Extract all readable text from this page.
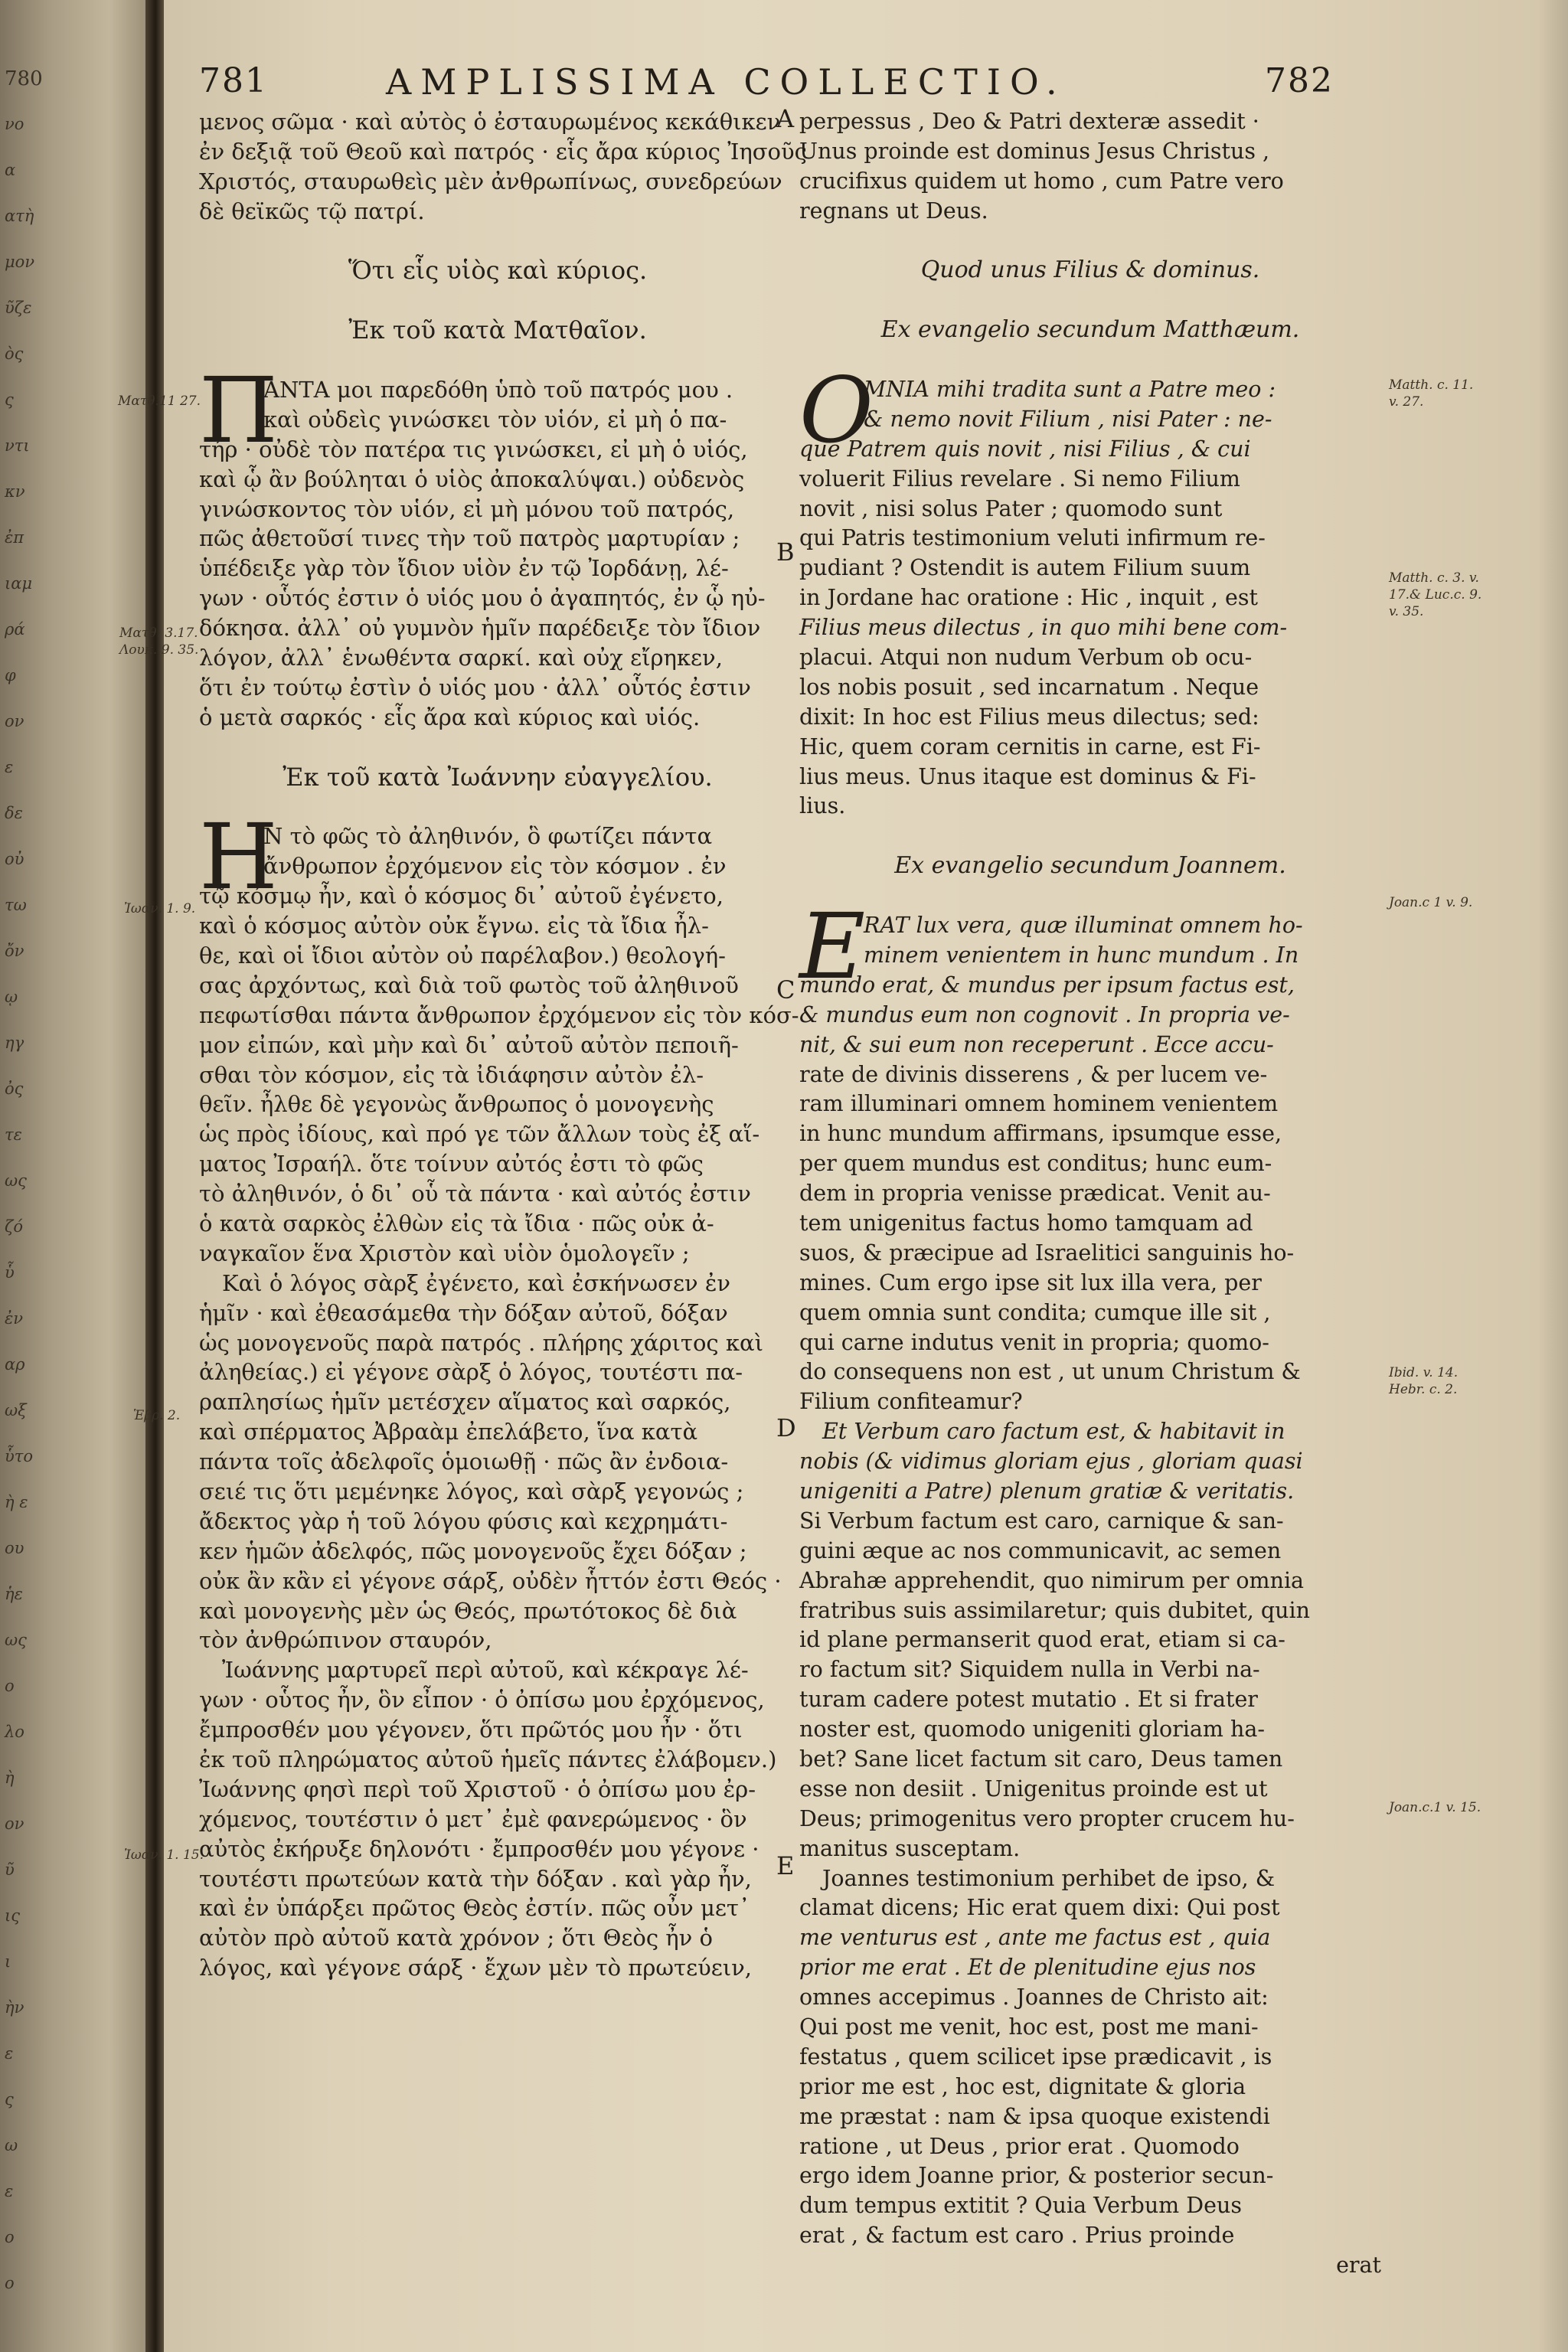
780
νο
α
ατὴ
μον
ῦζε
ὸς
ς
ντι
κν
ἐπ
ιαμ
ρά
φ
ον
ε
δε
οὐ
τω
ὄν
ῳ
ηγ
ὀς
τε
ως
ζό
ὗ
ἐν
αρ
ωξ
ὗτο
ὴ ε
ου
ἡε
ως
ο
λο
ὴ
ον
ῦ
ις
ι
ὴν
ε
ς
ω
ε
ο
ο
781	AMPLISSIMA COLLECTIO.	782
μενος σῶμα · καὶ αὐτὸς ὁ ἐσταυρωμένος κεκάθικεν
ἐν δεξιᾷ τοῦ Θεοῦ καὶ πατρός · εἷς ἄρα κύριος Ἰησοῦς
Χριστός, σταυρωθεὶς μὲν ἀνθρωπίνως, συνεδρεύων
δὲ θεϊκῶς τῷ πατρί.
Ὅτι εἷς υἱὸς καὶ κύριος.
Ἐκ τοῦ κατὰ Ματθαῖον.
Π
ΑΝΤΑ μοι παρεδόθη ὑπὸ τοῦ πατρός μου .
καὶ οὐδεὶς γινώσκει τὸν υἱόν, εἰ μὴ ὁ πα-
τήρ · οὐδὲ τὸν πατέρα τις γινώσκει, εἰ μὴ ὁ υἱός,
καὶ ᾧ ἂν βούληται ὁ υἱὸς ἀποκαλύψαι.) οὐδενὸς
γινώσκοντος τὸν υἱόν, εἰ μὴ μόνου τοῦ πατρός,
πῶς ἀθετοῦσί τινες τὴν τοῦ πατρὸς μαρτυρίαν ;
ὑπέδειξε γὰρ τὸν ἴδιον υἱὸν ἐν τῷ Ἰορδάνῃ, λέ-
γων · οὗτός ἐστιν ὁ υἱός μου ὁ ἀγαπητός, ἐν ᾧ ηὐ-
δόκησα. ἀλλ᾽ οὐ γυμνὸν ἡμῖν παρέδειξε τὸν ἴδιον
λόγον, ἀλλ᾽ ἑνωθέντα σαρκί. καὶ οὐχ εἴρηκεν,
ὅτι ἐν τούτῳ ἐστὶν ὁ υἱός μου · ἀλλ᾽ οὗτός ἐστιν
ὁ μετὰ σαρκός · εἷς ἄρα καὶ κύριος καὶ υἱός.
Ἐκ τοῦ κατὰ Ἰωάννην εὐαγγελίου.
Η
Ν τὸ φῶς τὸ ἀληθινόν, ὃ φωτίζει πάντα
ἄνθρωπον ἐρχόμενον εἰς τὸν κόσμον . ἐν
τῷ κόσμῳ ἦν, καὶ ὁ κόσμος δι᾽ αὐτοῦ ἐγένετο,
καὶ ὁ κόσμος αὐτὸν οὐκ ἔγνω. εἰς τὰ ἴδια ἦλ-
θε, καὶ οἱ ἴδιοι αὐτὸν οὐ παρέλαβον.) θεολογή-
σας ἀρχόντως, καὶ διὰ τοῦ φωτὸς τοῦ ἀληθινοῦ
πεφωτίσθαι πάντα ἄνθρωπον ἐρχόμενον εἰς τὸν κόσ-
μον εἰπών, καὶ μὴν καὶ δι᾽ αὐτοῦ αὐτὸν πεποιῆ-
σθαι τὸν κόσμον, εἰς τὰ ἰδιάφησιν αὐτὸν ἐλ-
θεῖν. ἦλθε δὲ γεγονὼς ἄνθρωπος ὁ μονογενὴς
ὡς πρὸς ἰδίους, καὶ πρό γε τῶν ἄλλων τοὺς ἐξ αἵ-
ματος Ἰσραήλ. ὅτε τοίνυν αὐτός ἐστι τὸ φῶς
τὸ ἀληθινόν, ὁ δι᾽ οὗ τὰ πάντα · καὶ αὐτός ἐστιν
ὁ κατὰ σαρκὸς ἐλθὼν εἰς τὰ ἴδια · πῶς οὐκ ἀ-
ναγκαῖον ἕνα Χριστὸν καὶ υἱὸν ὁμολογεῖν ;
Καὶ ὁ λόγος σὰρξ ἐγένετο, καὶ ἐσκήνωσεν ἐν
ἡμῖν · καὶ ἐθεασάμεθα τὴν δόξαν αὐτοῦ, δόξαν
ὡς μονογενοῦς παρὰ πατρός . πλήρης χάριτος καὶ
ἀληθείας.) εἰ γέγονε σὰρξ ὁ λόγος, τουτέστι πα-
ραπλησίως ἡμῖν μετέσχεν αἵματος καὶ σαρκός,
καὶ σπέρματος Ἀβραὰμ ἐπελάβετο, ἵνα κατὰ
πάντα τοῖς ἀδελφοῖς ὁμοιωθῇ · πῶς ἂν ἐνδοια-
σειέ τις ὅτι μεμένηκε λόγος, καὶ σὰρξ γεγονώς ;
ἄδεκτος γὰρ ἡ τοῦ λόγου φύσις καὶ κεχρημάτι-
κεν ἡμῶν ἀδελφός, πῶς μονογενοῦς ἔχει δόξαν ;
οὐκ ἂν κἂν εἰ γέγονε σάρξ, οὐδὲν ἧττόν ἐστι Θεός ·
καὶ μονογενὴς μὲν ὡς Θεός, πρωτότοκος δὲ διὰ
τὸν ἀνθρώπινον σταυρόν,
Ἰωάννης μαρτυρεῖ περὶ αὐτοῦ, καὶ κέκραγε λέ-
γων · οὗτος ἦν, ὃν εἶπον · ὁ ὀπίσω μου ἐρχόμενος,
ἔμπροσθέν μου γέγονεν, ὅτι πρῶτός μου ἦν · ὅτι
ἐκ τοῦ πληρώματος αὐτοῦ ἡμεῖς πάντες ἐλάβομεν.)
Ἰωάννης φησὶ περὶ τοῦ Χριστοῦ · ὁ ὀπίσω μου ἐρ-
χόμενος, τουτέστιν ὁ μετ᾽ ἐμὲ φανερώμενος · ὃν
αὐτὸς ἐκήρυξε δηλονότι · ἔμπροσθέν μου γέγονε ·
τουτέστι πρωτεύων κατὰ τὴν δόξαν . καὶ γὰρ ἦν,
καὶ ἐν ὑπάρξει πρῶτος Θεὸς ἐστίν. πῶς οὖν μετ᾽
αὐτὸν πρὸ αὐτοῦ κατὰ χρόνον ; ὅτι Θεὸς ἦν ὁ
λόγος, καὶ γέγονε σάρξ · ἔχων μὲν τὸ πρωτεύειν,
perpessus , Deo & Patri dexteræ assedit ·
Unus proinde est dominus Jesus Christus ,
crucifixus quidem ut homo , cum Patre vero
regnans ut Deus.
Quod unus Filius & dominus.
Ex evangelio secundum Matthæum.
O
MNIA mihi tradita sunt a Patre meo :
& nemo novit Filium , nisi Pater : ne-
que Patrem quis novit , nisi Filius , & cui
voluerit Filius revelare . Si nemo Filium
novit , nisi solus Pater ; quomodo sunt
qui Patris testimonium veluti infirmum re-
pudiant ? Ostendit is autem Filium suum
in Jordane hac oratione : Hic , inquit , est
Filius meus dilectus , in quo mihi bene com-
placui. Atqui non nudum Verbum ob ocu-
los nobis posuit , sed incarnatum . Neque
dixit: In hoc est Filius meus dilectus; sed:
Hic, quem coram cernitis in carne, est Fi-
lius meus. Unus itaque est dominus & Fi-
lius.
Ex evangelio secundum Joannem.
E
RAT lux vera, quæ illuminat omnem ho-
minem venientem in hunc mundum . In
mundo erat, & mundus per ipsum factus est,
& mundus eum non cognovit . In propria ve-
nit, & sui eum non receperunt . Ecce accu-
rate de divinis disserens , & per lucem ve-
ram illuminari omnem hominem venientem
in hunc mundum affirmans, ipsumque esse,
per quem mundus est conditus; hunc eum-
dem in propria venisse prædicat. Venit au-
tem unigenitus factus homo tamquam ad
suos, & præcipue ad Israelitici sanguinis ho-
mines. Cum ergo ipse sit lux illa vera, per
quem omnia sunt condita; cumque ille sit ,
qui carne indutus venit in propria; quomo-
do consequens non est , ut unum Christum &
Filium confiteamur?
Et Verbum caro factum est, & habitavit in
nobis (& vidimus gloriam ejus , gloriam quasi
unigeniti a Patre) plenum gratiæ & veritatis.
Si Verbum factum est caro, carnique & san-
guini æque ac nos communicavit, ac semen
Abrahæ apprehendit, quo nimirum per omnia
fratribus suis assimilaretur; quis dubitet, quin
id plane permanserit quod erat, etiam si ca-
ro factum sit? Siquidem nulla in Verbi na-
turam cadere potest mutatio . Et si frater
noster est, quomodo unigeniti gloriam ha-
bet? Sane licet factum sit caro, Deus tamen
esse non desiit . Unigenitus proinde est ut
Deus; primogenitus vero propter crucem hu-
manitus susceptam.
Joannes testimonium perhibet de ipso, &
clamat dicens; Hic erat quem dixi: Qui post
me venturus est , ante me factus est , quia
prior me erat . Et de plenitudine ejus nos
omnes accepimus . Joannes de Christo ait:
Qui post me venit, hoc est, post me mani-
festatus , quem scilicet ipse prædicavit , is
prior me est , hoc est, dignitate & gloria
me præstat : nam & ipsa quoque existendi
ratione , ut Deus , prior erat . Quomodo
ergo idem Joanne prior, & posterior secun-
dum tempus extitit ? Quia Verbum Deus
erat , & factum est caro . Prius proinde
erat
Ματθ.11 27.
Ματθ. 3.17.
Λουκ. 9. 35.
Ἰωαν. 1. 9.
Ἑβρ. 2.
Ἰωαν. 1. 15.
Matth. c. 11.
v. 27.
Matth. c. 3. v.
17.& Luc.c. 9.
v. 35.
Joan.c 1 v. 9.
Ibid. v. 14.
Hebr. c. 2.
Joan.c.1 v. 15.
A
B
C
D
E
